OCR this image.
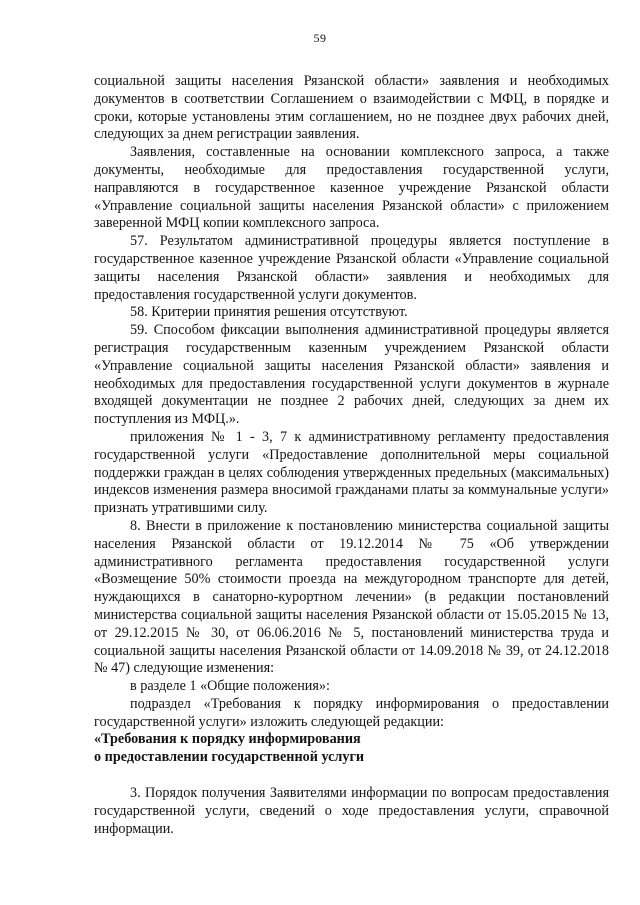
59

социальной защиты населения Рязанской области» заявления и необходимых документов в соответствии Соглашением о взаимодействии с МФЦ, в порядке и сроки, которые установлены этим соглашением, но не позднее двух рабочих дней, следующих за днем регистрации заявления.

Заявления, составленные на основании комплексного запроса, а также документы, необходимые для предоставления государственной услуги, направляются в государственное казенное учреждение Рязанской области «Управление социальной защиты населения Рязанской области» с приложением заверенной МФЦ копии комплексного запроса.

57. Результатом административной процедуры является поступление в государственное казенное учреждение Рязанской области «Управление социальной защиты населения Рязанской области» заявления и необходимых для предоставления государственной услуги документов.

58. Критерии принятия решения отсутствуют.

59. Способом фиксации выполнения административной процедуры является регистрация государственным казенным учреждением Рязанской области «Управление социальной защиты населения Рязанской области» заявления и необходимых для предоставления государственной услуги документов в журнале входящей документации не позднее 2 рабочих дней, следующих за днем их поступления из МФЦ.».

приложения № 1 - 3, 7 к административному регламенту предоставления государственной услуги «Предоставление дополнительной меры социальной поддержки граждан в целях соблюдения утвержденных предельных (максимальных) индексов изменения размера вносимой гражданами платы за коммунальные услуги» признать утратившими силу.

8. Внести в приложение к постановлению министерства социальной защиты населения Рязанской области от 19.12.2014 № 75 «Об утверждении административного регламента предоставления государственной услуги «Возмещение 50% стоимости проезда на междугородном транспорте для детей, нуждающихся в санаторно-курортном лечении» (в редакции постановлений министерства социальной защиты населения Рязанской области от 15.05.2015 № 13, от 29.12.2015 № 30, от 06.06.2016 № 5, постановлений министерства труда и социальной защиты населения Рязанской области от 14.09.2018 № 39, от 24.12.2018 № 47) следующие изменения:

в разделе 1 «Общие положения»:

подраздел «Требования к порядку информирования о предоставлении государственной услуги» изложить следующей редакции:

«Требования к порядку информирования

о предоставлении государственной услуги

3. Порядок получения Заявителями информации по вопросам предоставления государственной услуги, сведений о ходе предоставления услуги, справочной информации.
